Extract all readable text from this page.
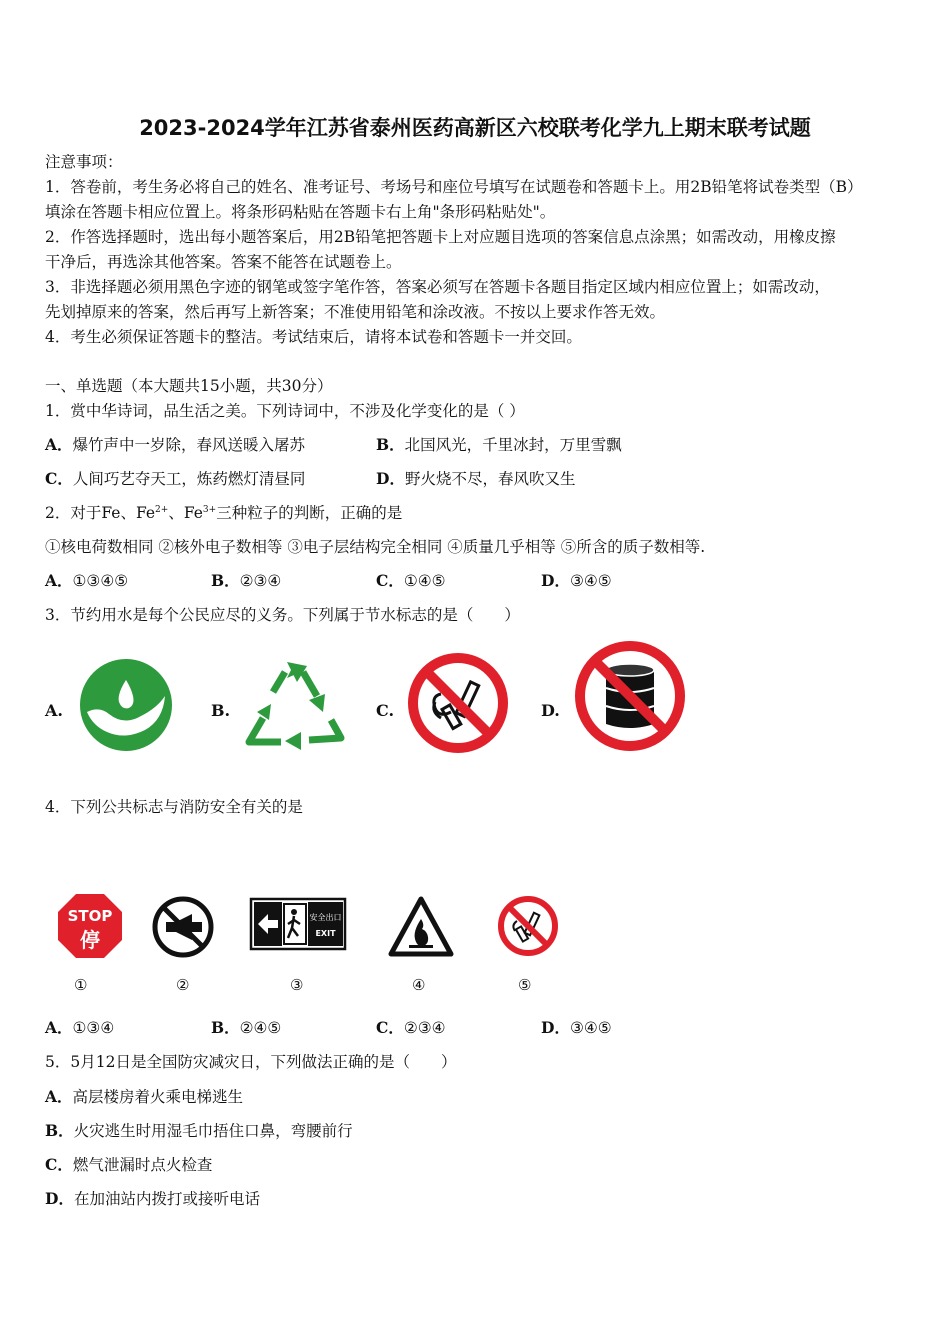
2023-2024学年江苏省泰州医药高新区六校联考化学九上期末联考试题
注意事项：
1．答卷前，考生务必将自己的姓名、准考证号、考场号和座位号填写在试题卷和答题卡上。用2B铅笔将试卷类型（B）
填涂在答题卡相应位置上。将条形码粘贴在答题卡右上角"条形码粘贴处"。
2．作答选择题时，选出每小题答案后，用2B铅笔把答题卡上对应题目选项的答案信息点涂黑；如需改动，用橡皮擦
干净后，再选涂其他答案。答案不能答在试题卷上。
3．非选择题必须用黑色字迹的钢笔或签字笔作答，答案必须写在答题卡各题目指定区域内相应位置上；如需改动，
先划掉原来的答案，然后再写上新答案；不准使用铅笔和涂改液。不按以上要求作答无效。
4．考生必须保证答题卡的整洁。考试结束后，请将本试卷和答题卡一并交回。
一、单选题（本大题共15小题，共30分）
1．赏中华诗词，品生活之美。下列诗词中，不涉及化学变化的是（ ）
A．爆竹声中一岁除，春风送暖入屠苏	B．北国风光，千里冰封，万里雪飘
C．人间巧艺夺天工，炼药燃灯清昼同	D．野火烧不尽，春风吹又生
2．对于Fe、$Fe^{2+}$、$Fe^{3+}$三种粒子的判断，正确的是
①核电荷数相同 ②核外电子数相等 ③电子层结构完全相同 ④质量几乎相等 ⑤所含的质子数相等.
A．①③④⑤	B．②③④	C．①④⑤	D．③④⑤
3．节约用水是每个公民应尽的义务。下列属于节水标志的是（　　）
A.	B.	C.	D.
4．下列公共标志与消防安全有关的是
STOP
停
安全出口
EXIT
①	②	③	④	⑤
A．①③④	B．②④⑤	C．②③④	D．③④⑤
5．5月12日是全国防灾减灾日，下列做法正确的是（　　）
A．高层楼房着火乘电梯逃生
B．火灾逃生时用湿毛巾捂住口鼻，弯腰前行
C．燃气泄漏时点火检查
D．在加油站内拨打或接听电话
